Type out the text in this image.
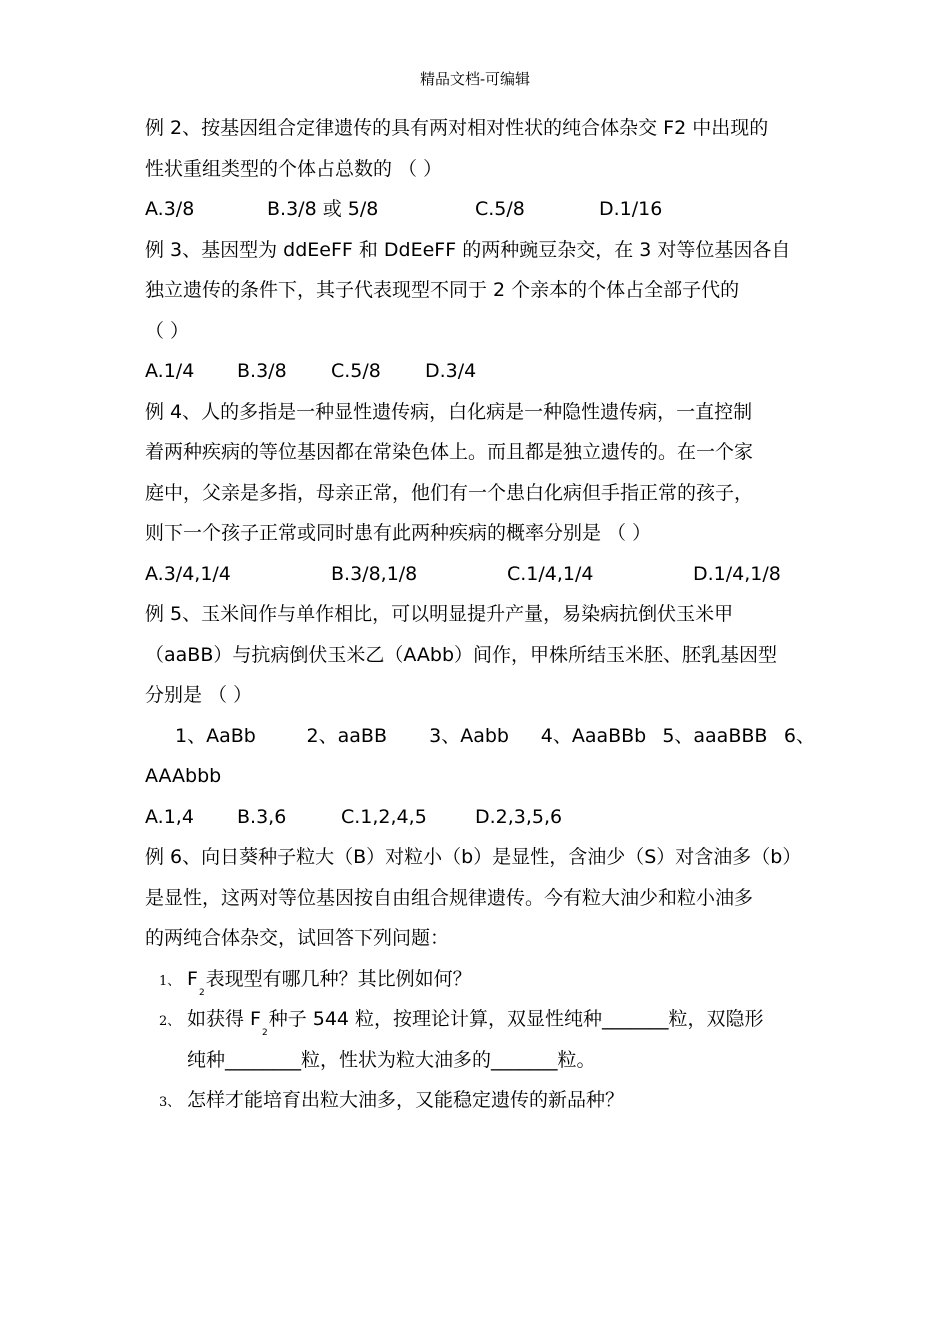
精品文档-可编辑
例 2、按基因组合定律遗传的具有两对相对性状的纯合体杂交 F2 中出现的
性状重组类型的个体占总数的 （ ）
A.3/8	B.3/8 或 5/8	C.5/8	D.1/16
例 3、基因型为 ddEeFF 和 DdEeFF 的两种豌豆杂交，在 3 对等位基因各自
独立遗传的条件下，其子代表现型不同于 2 个亲本的个体占全部子代的
（ ）
A.1/4	B.3/8	C.5/8	D.3/4
例 4、人的多指是一种显性遗传病，白化病是一种隐性遗传病，一直控制
着两种疾病的等位基因都在常染色体上。而且都是独立遗传的。在一个家
庭中，父亲是多指，母亲正常，他们有一个患白化病但手指正常的孩子，
则下一个孩子正常或同时患有此两种疾病的概率分别是 （ ）
A.3/4,1/4	B.3/8,1/8	C.1/4,1/4	D.1/4,1/8
例 5、玉米间作与单作相比，可以明显提升产量，易染病抗倒伏玉米甲
（aaBB）与抗病倒伏玉米乙（AAbb）间作，甲株所结玉米胚、胚乳基因型
分别是 （ ）
1、AaBb	2、aaBB	3、Aabb	4、AaaBBb 5、aaaBBB 6、
AAAbbb
A.1,4	B.3,6	C.1,2,4,5	D.2,3,5,6
例 6、向日葵种子粒大（B）对粒小（b）是显性，含油少（S）对含油多（b）
是显性，这两对等位基因按自由组合规律遗传。今有粒大油少和粒小油多
的两纯合体杂交，试回答下列问题：
1、 $F_2$表现型有哪几种？其比例如何？
2、 如获得 $F_2$种子 544 粒，按理论计算，双显性纯种_______粒，双隐形
纯种________粒，性状为粒大油多的_______粒。
3、 怎样才能培育出粒大油多，又能稳定遗传的新品种？
